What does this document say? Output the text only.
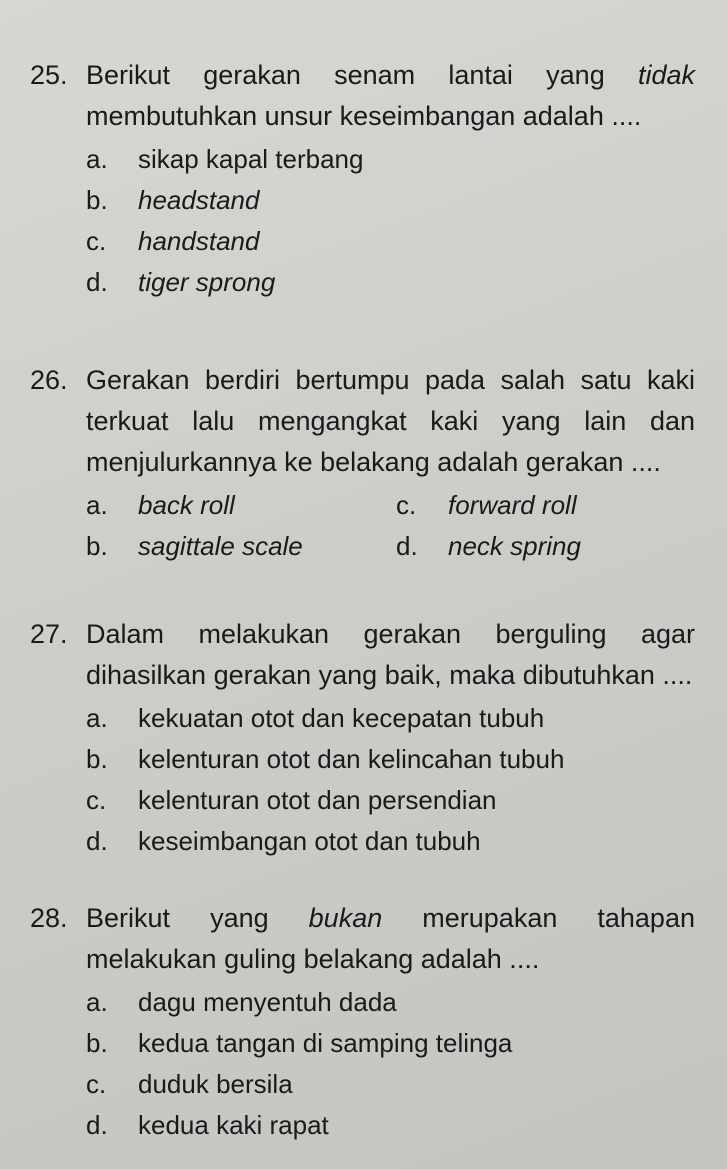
25. Berikut gerakan senam lantai yang tidak membutuhkan unsur keseimbangan adalah ....
a. sikap kapal terbang
b. headstand
c. handstand
d. tiger sprong
26. Gerakan berdiri bertumpu pada salah satu kaki terkuat lalu mengangkat kaki yang lain dan menjulurkannya ke belakang adalah gerakan ....
a. back roll	c. forward roll
b. sagittale scale	d. neck spring
27. Dalam melakukan gerakan berguling agar dihasilkan gerakan yang baik, maka dibutuhkan ....
a. kekuatan otot dan kecepatan tubuh
b. kelenturan otot dan kelincahan tubuh
c. kelenturan otot dan persendian
d. keseimbangan otot dan tubuh
28. Berikut yang bukan merupakan tahapan melakukan guling belakang adalah ....
a. dagu menyentuh dada
b. kedua tangan di samping telinga
c. duduk bersila
d. kedua kaki rapat
